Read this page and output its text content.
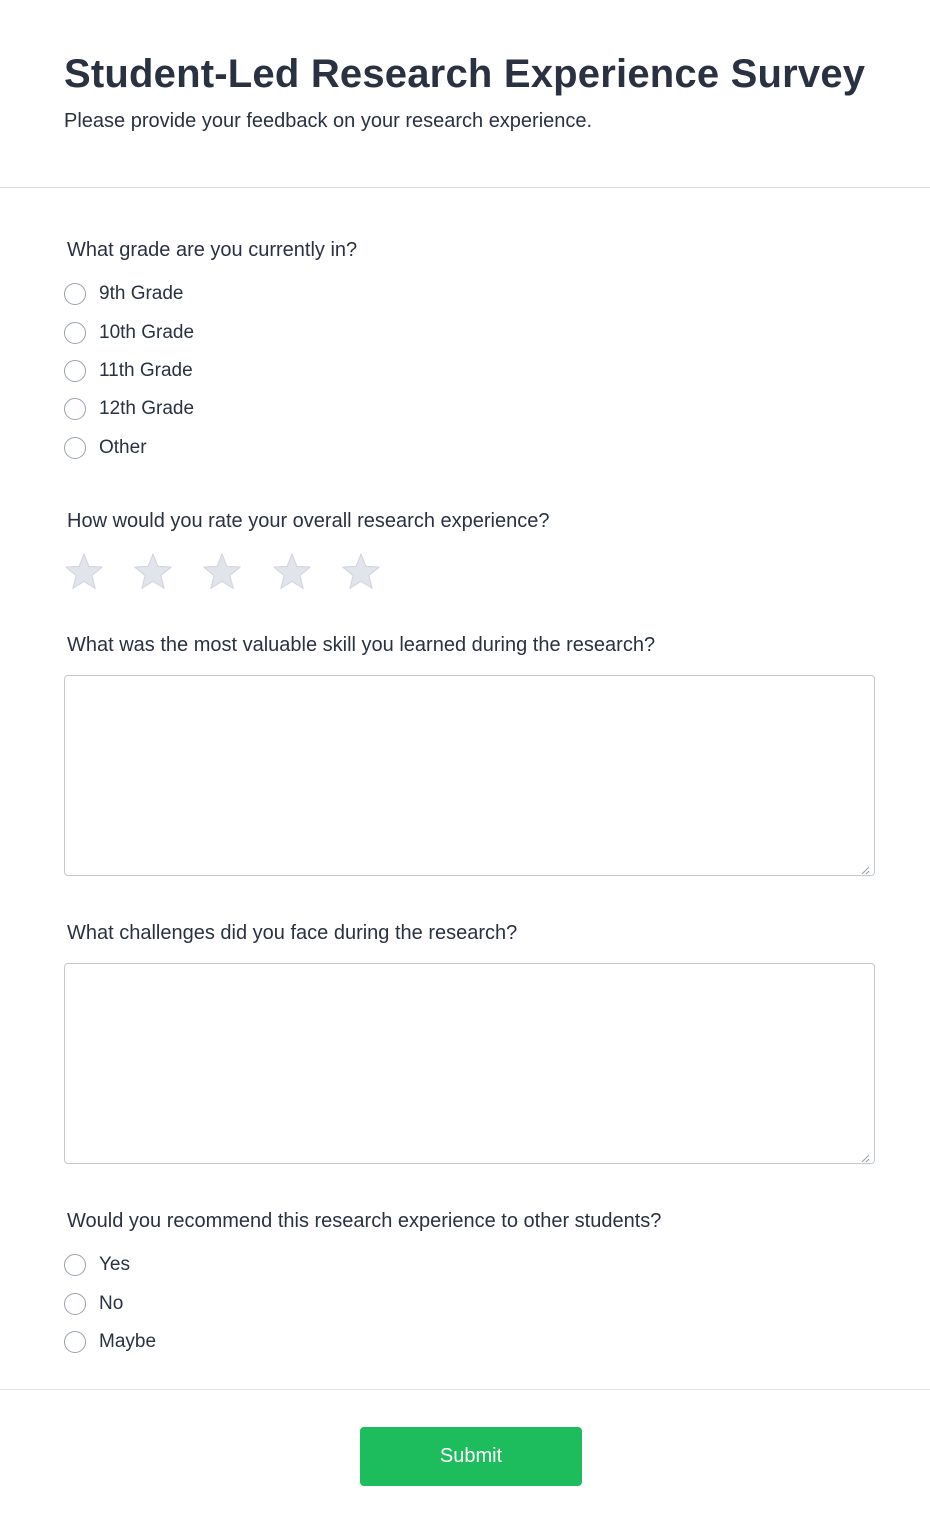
Student-Led Research Experience Survey

Please provide your feedback on your research experience.

What grade are you currently in?
9th Grade
10th Grade
11th Grade
12th Grade
Other
How would you rate your overall research experience?
What was the most valuable skill you learned during the research?
What challenges did you face during the research?
Would you recommend this research experience to other students?
Yes
No
Maybe
Submit
